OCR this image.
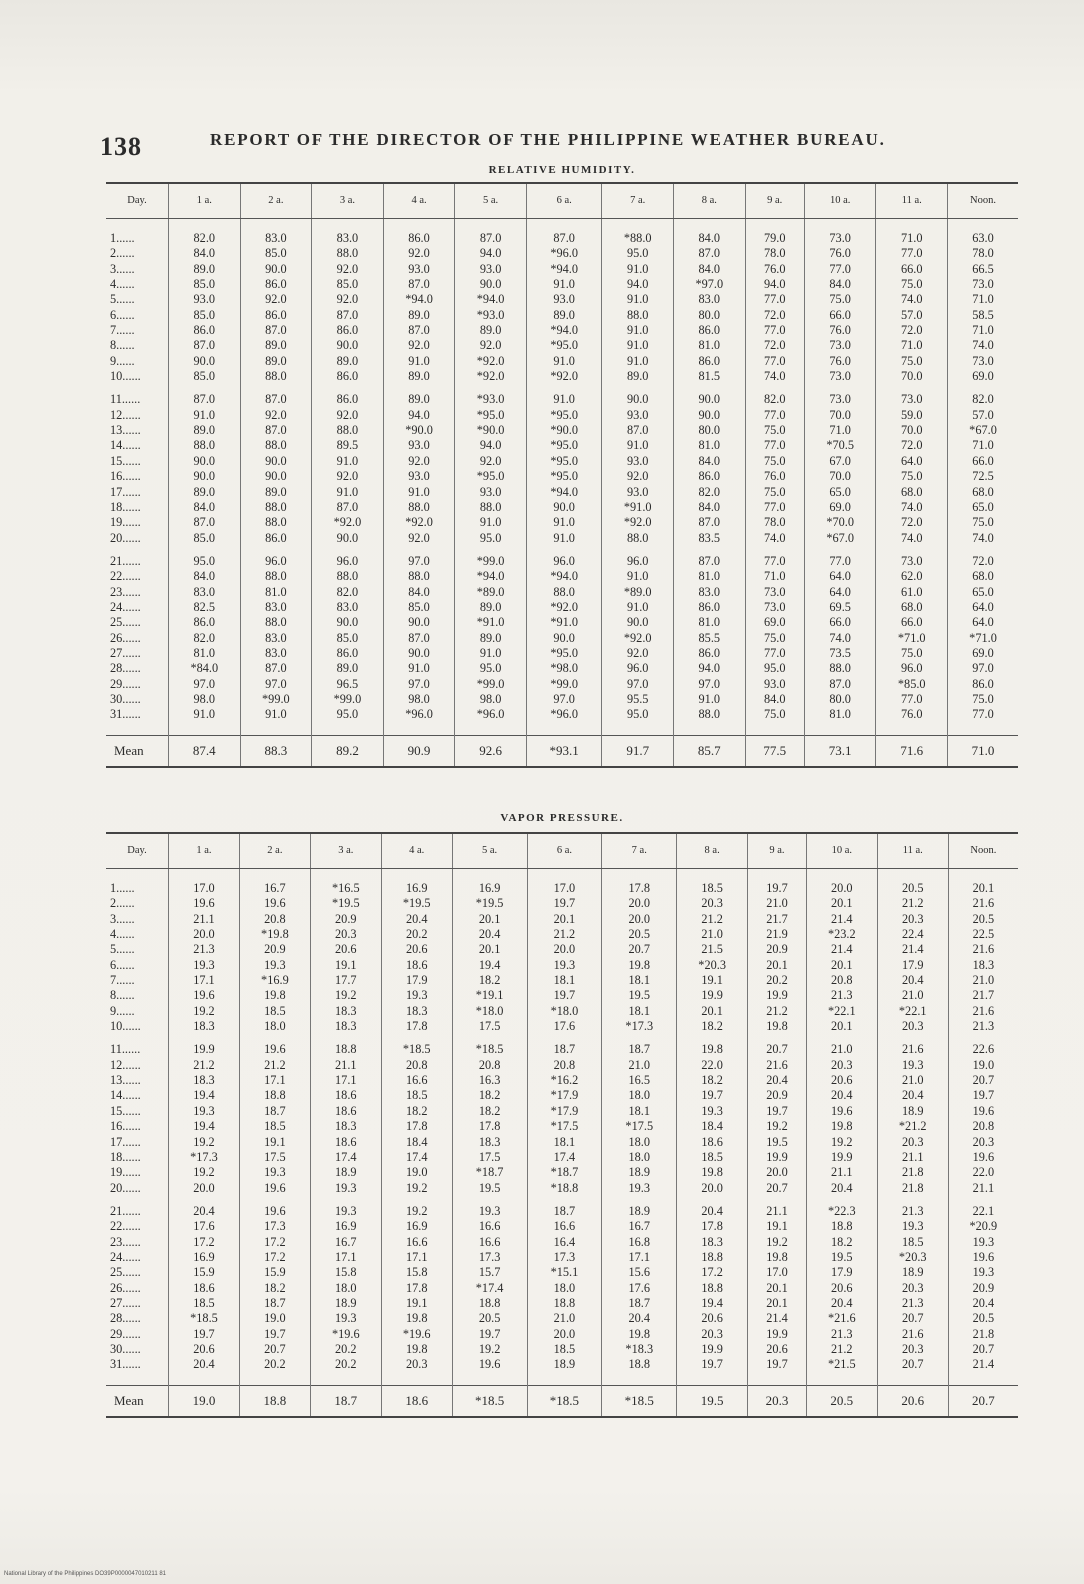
138	REPORT OF THE DIRECTOR OF THE PHILIPPINE WEATHER BUREAU.
RELATIVE HUMIDITY.
Day.	1 a.	2 a.	3 a.	4 a.	5 a.	6 a.	7 a.	8 a.	9 a.	10 a.	11 a.	Noon.

1......	82.0	83.0	83.0	86.0	87.0	87.0	*88.0	84.0	79.0	73.0	71.0	63.0
2......	84.0	85.0	88.0	92.0	94.0	*96.0	95.0	87.0	78.0	76.0	77.0	78.0
3......	89.0	90.0	92.0	93.0	93.0	*94.0	91.0	84.0	76.0	77.0	66.0	66.5
4......	85.0	86.0	85.0	87.0	90.0	91.0	94.0	*97.0	94.0	84.0	75.0	73.0
5......	93.0	92.0	92.0	*94.0	*94.0	93.0	91.0	83.0	77.0	75.0	74.0	71.0
6......	85.0	86.0	87.0	89.0	*93.0	89.0	88.0	80.0	72.0	66.0	57.0	58.5
7......	86.0	87.0	86.0	87.0	89.0	*94.0	91.0	86.0	77.0	76.0	72.0	71.0
8......	87.0	89.0	90.0	92.0	92.0	*95.0	91.0	81.0	72.0	73.0	71.0	74.0
9......	90.0	89.0	89.0	91.0	*92.0	91.0	91.0	86.0	77.0	76.0	75.0	73.0
10......	85.0	88.0	86.0	89.0	*92.0	*92.0	89.0	81.5	74.0	73.0	70.0	69.0

11......	87.0	87.0	86.0	89.0	*93.0	91.0	90.0	90.0	82.0	73.0	73.0	82.0
12......	91.0	92.0	92.0	94.0	*95.0	*95.0	93.0	90.0	77.0	70.0	59.0	57.0
13......	89.0	87.0	88.0	*90.0	*90.0	*90.0	87.0	80.0	75.0	71.0	70.0	*67.0
14......	88.0	88.0	89.5	93.0	94.0	*95.0	91.0	81.0	77.0	*70.5	72.0	71.0
15......	90.0	90.0	91.0	92.0	92.0	*95.0	93.0	84.0	75.0	67.0	64.0	66.0
16......	90.0	90.0	92.0	93.0	*95.0	*95.0	92.0	86.0	76.0	70.0	75.0	72.5
17......	89.0	89.0	91.0	91.0	93.0	*94.0	93.0	82.0	75.0	65.0	68.0	68.0
18......	84.0	88.0	87.0	88.0	88.0	90.0	*91.0	84.0	77.0	69.0	74.0	65.0
19......	87.0	88.0	*92.0	*92.0	91.0	91.0	*92.0	87.0	78.0	*70.0	72.0	75.0
20......	85.0	86.0	90.0	92.0	95.0	91.0	88.0	83.5	74.0	*67.0	74.0	74.0

21......	95.0	96.0	96.0	97.0	*99.0	96.0	96.0	87.0	77.0	77.0	73.0	72.0
22......	84.0	88.0	88.0	88.0	*94.0	*94.0	91.0	81.0	71.0	64.0	62.0	68.0
23......	83.0	81.0	82.0	84.0	*89.0	88.0	*89.0	83.0	73.0	64.0	61.0	65.0
24......	82.5	83.0	83.0	85.0	89.0	*92.0	91.0	86.0	73.0	69.5	68.0	64.0
25......	86.0	88.0	90.0	90.0	*91.0	*91.0	90.0	81.0	69.0	66.0	66.0	64.0
26......	82.0	83.0	85.0	87.0	89.0	90.0	*92.0	85.5	75.0	74.0	*71.0	*71.0
27......	81.0	83.0	86.0	90.0	91.0	*95.0	92.0	86.0	77.0	73.5	75.0	69.0
28......	*84.0	87.0	89.0	91.0	95.0	*98.0	96.0	94.0	95.0	88.0	96.0	97.0
29......	97.0	97.0	96.5	97.0	*99.0	*99.0	97.0	97.0	93.0	87.0	*85.0	86.0
30......	98.0	*99.0	*99.0	98.0	98.0	97.0	95.5	91.0	84.0	80.0	77.0	75.0
31......	91.0	91.0	95.0	*96.0	*96.0	*96.0	95.0	88.0	75.0	81.0	76.0	77.0

Mean	87.4	88.3	89.2	90.9	92.6	*93.1	91.7	85.7	77.5	73.1	71.6	71.0
VAPOR PRESSURE.
Day.	1 a.	2 a.	3 a.	4 a.	5 a.	6 a.	7 a.	8 a.	9 a.	10 a.	11 a.	Noon.

1......	17.0	16.7	*16.5	16.9	16.9	17.0	17.8	18.5	19.7	20.0	20.5	20.1
2......	19.6	19.6	*19.5	*19.5	*19.5	19.7	20.0	20.3	21.0	20.1	21.2	21.6
3......	21.1	20.8	20.9	20.4	20.1	20.1	20.0	21.2	21.7	21.4	20.3	20.5
4......	20.0	*19.8	20.3	20.2	20.4	21.2	20.5	21.0	21.9	*23.2	22.4	22.5
5......	21.3	20.9	20.6	20.6	20.1	20.0	20.7	21.5	20.9	21.4	21.4	21.6
6......	19.3	19.3	19.1	18.6	19.4	19.3	19.8	*20.3	20.1	20.1	17.9	18.3
7......	17.1	*16.9	17.7	17.9	18.2	18.1	18.1	19.1	20.2	20.8	20.4	21.0
8......	19.6	19.8	19.2	19.3	*19.1	19.7	19.5	19.9	19.9	21.3	21.0	21.7
9......	19.2	18.5	18.3	18.3	*18.0	*18.0	18.1	20.1	21.2	*22.1	*22.1	21.6
10......	18.3	18.0	18.3	17.8	17.5	17.6	*17.3	18.2	19.8	20.1	20.3	21.3

11......	19.9	19.6	18.8	*18.5	*18.5	18.7	18.7	19.8	20.7	21.0	21.6	22.6
12......	21.2	21.2	21.1	20.8	20.8	20.8	21.0	22.0	21.6	20.3	19.3	19.0
13......	18.3	17.1	17.1	16.6	16.3	*16.2	16.5	18.2	20.4	20.6	21.0	20.7
14......	19.4	18.8	18.6	18.5	18.2	*17.9	18.0	19.7	20.9	20.4	20.4	19.7
15......	19.3	18.7	18.6	18.2	18.2	*17.9	18.1	19.3	19.7	19.6	18.9	19.6
16......	19.4	18.5	18.3	17.8	17.8	*17.5	*17.5	18.4	19.2	19.8	*21.2	20.8
17......	19.2	19.1	18.6	18.4	18.3	18.1	18.0	18.6	19.5	19.2	20.3	20.3
18......	*17.3	17.5	17.4	17.4	17.5	17.4	18.0	18.5	19.9	19.9	21.1	19.6
19......	19.2	19.3	18.9	19.0	*18.7	*18.7	18.9	19.8	20.0	21.1	21.8	22.0
20......	20.0	19.6	19.3	19.2	19.5	*18.8	19.3	20.0	20.7	20.4	21.8	21.1

21......	20.4	19.6	19.3	19.2	19.3	18.7	18.9	20.4	21.1	*22.3	21.3	22.1
22......	17.6	17.3	16.9	16.9	16.6	16.6	16.7	17.8	19.1	18.8	19.3	*20.9
23......	17.2	17.2	16.7	16.6	16.6	16.4	16.8	18.3	19.2	18.2	18.5	19.3
24......	16.9	17.2	17.1	17.1	17.3	17.3	17.1	18.8	19.8	19.5	*20.3	19.6
25......	15.9	15.9	15.8	15.8	15.7	*15.1	15.6	17.2	17.0	17.9	18.9	19.3
26......	18.6	18.2	18.0	17.8	*17.4	18.0	17.6	18.8	20.1	20.6	20.3	20.9
27......	18.5	18.7	18.9	19.1	18.8	18.8	18.7	19.4	20.1	20.4	21.3	20.4
28......	*18.5	19.0	19.3	19.8	20.5	21.0	20.4	20.6	21.4	*21.6	20.7	20.5
29......	19.7	19.7	*19.6	*19.6	19.7	20.0	19.8	20.3	19.9	21.3	21.6	21.8
30......	20.6	20.7	20.2	19.8	19.2	18.5	*18.3	19.9	20.6	21.2	20.3	20.7
31......	20.4	20.2	20.2	20.3	19.6	18.9	18.8	19.7	19.7	*21.5	20.7	21.4

Mean	19.0	18.8	18.7	18.6	*18.5	*18.5	*18.5	19.5	20.3	20.5	20.6	20.7
National Library of the Philippines DO39P0000047010211 81
